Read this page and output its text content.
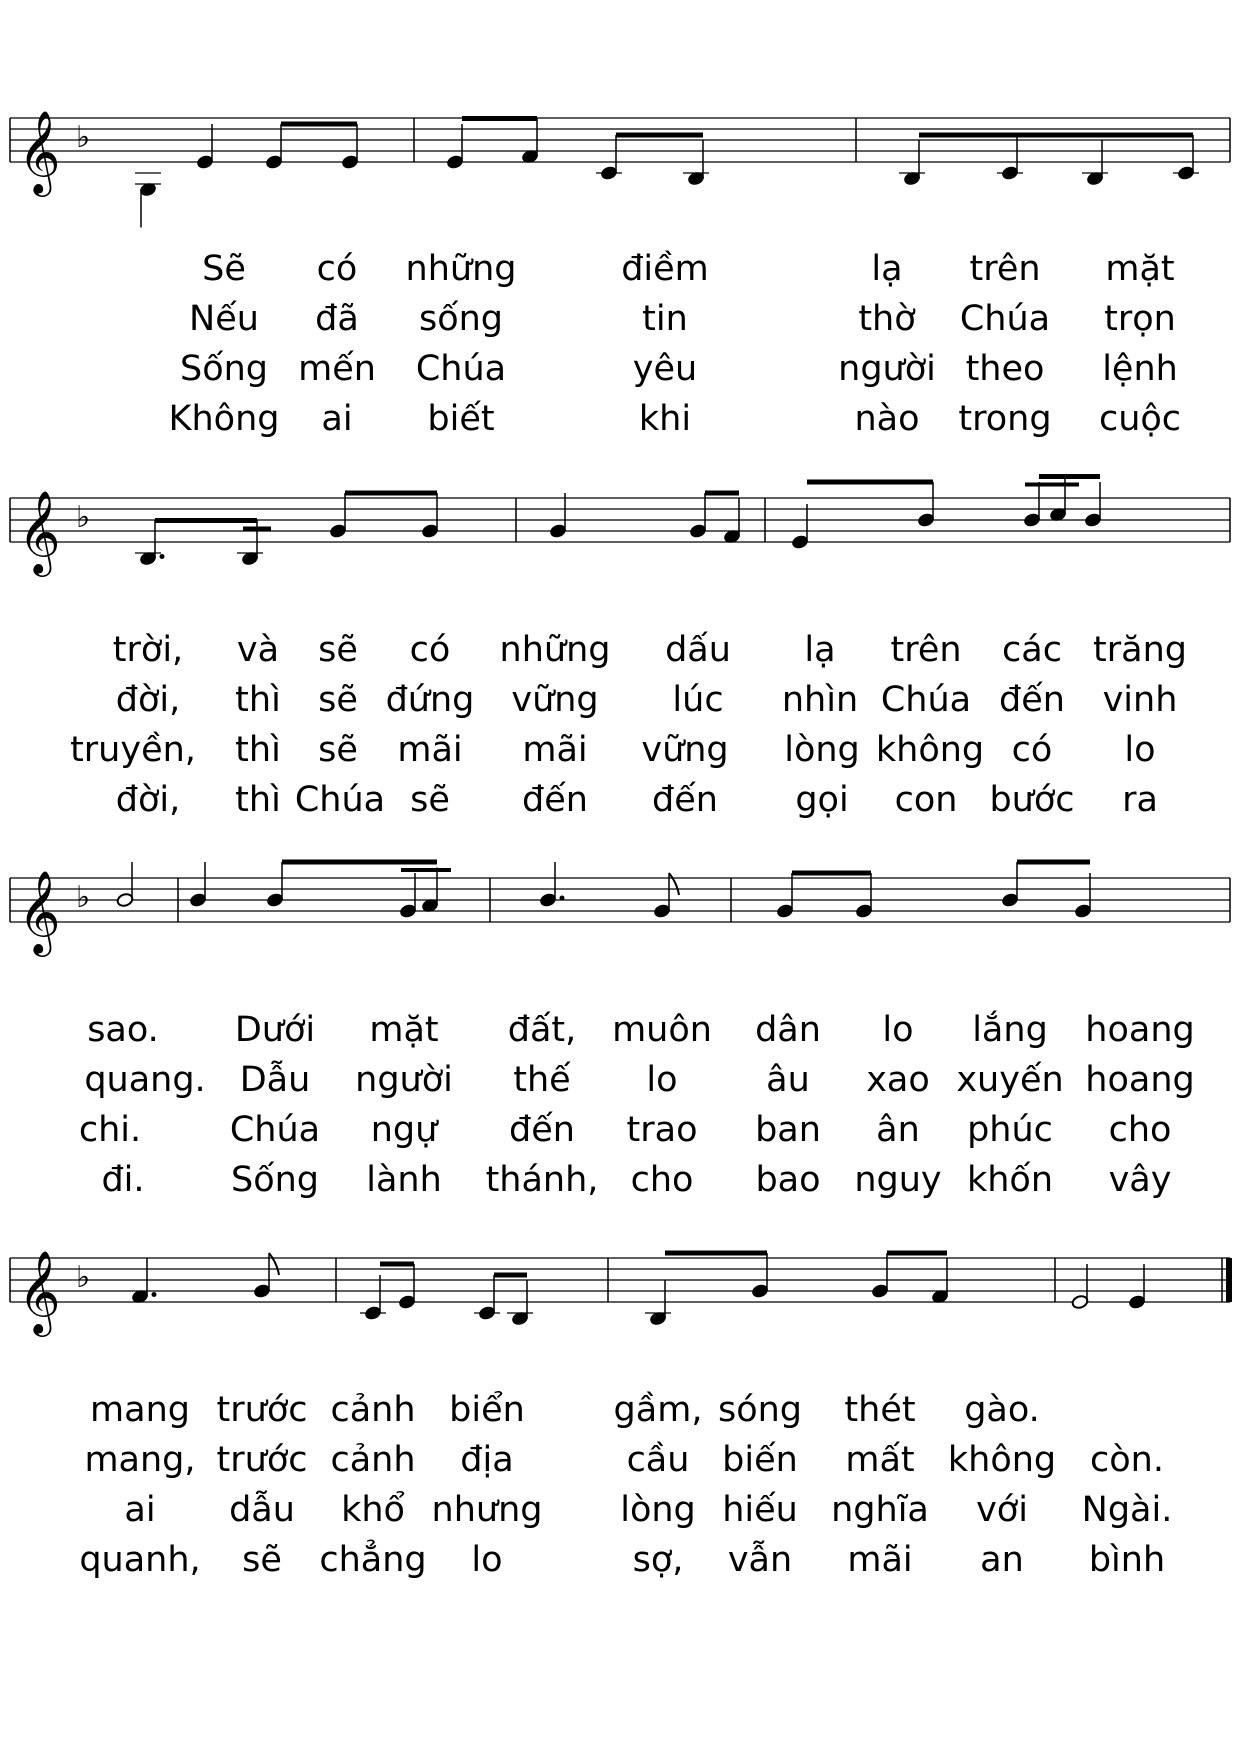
𝄞 ♭
𝄞 ♭
𝄞 ♭
𝄞 ♭
Sẽ có những	điềm	lạ trên mặt
Nếu đã sống	tin	thờ Chúa trọn
Sống mến Chúa	yêu	người theo lệnh
Không ai biết	khi	nào trong cuộc
trời, và sẽ có những dấu lạ trên các trăng
đời, thì sẽ đứng vững lúc nhìn Chúa đến vinh
truyền, thì sẽ mãi mãi vững lòng không có lo
đời, thì Chúa sẽ đến đến gọi con bước ra
sao. Dưới mặt đất, muôn dân lo lắng hoang
quang. Dẫu người thế lo	âu xao xuyến hoang
chi.	Chúa ngự đến trao ban ân phúc cho
đi. Sống lành thánh, cho bao nguy khốn vây
mang trước cảnh biển	gầm, sóng thét gào.
mang, trước cảnh địa	cầu biến mất không còn.
ai dẫu khổ nhưng lòng hiếu nghĩa với Ngài.
quanh, sẽ chẳng lo	sợ, vẫn mãi an bình
